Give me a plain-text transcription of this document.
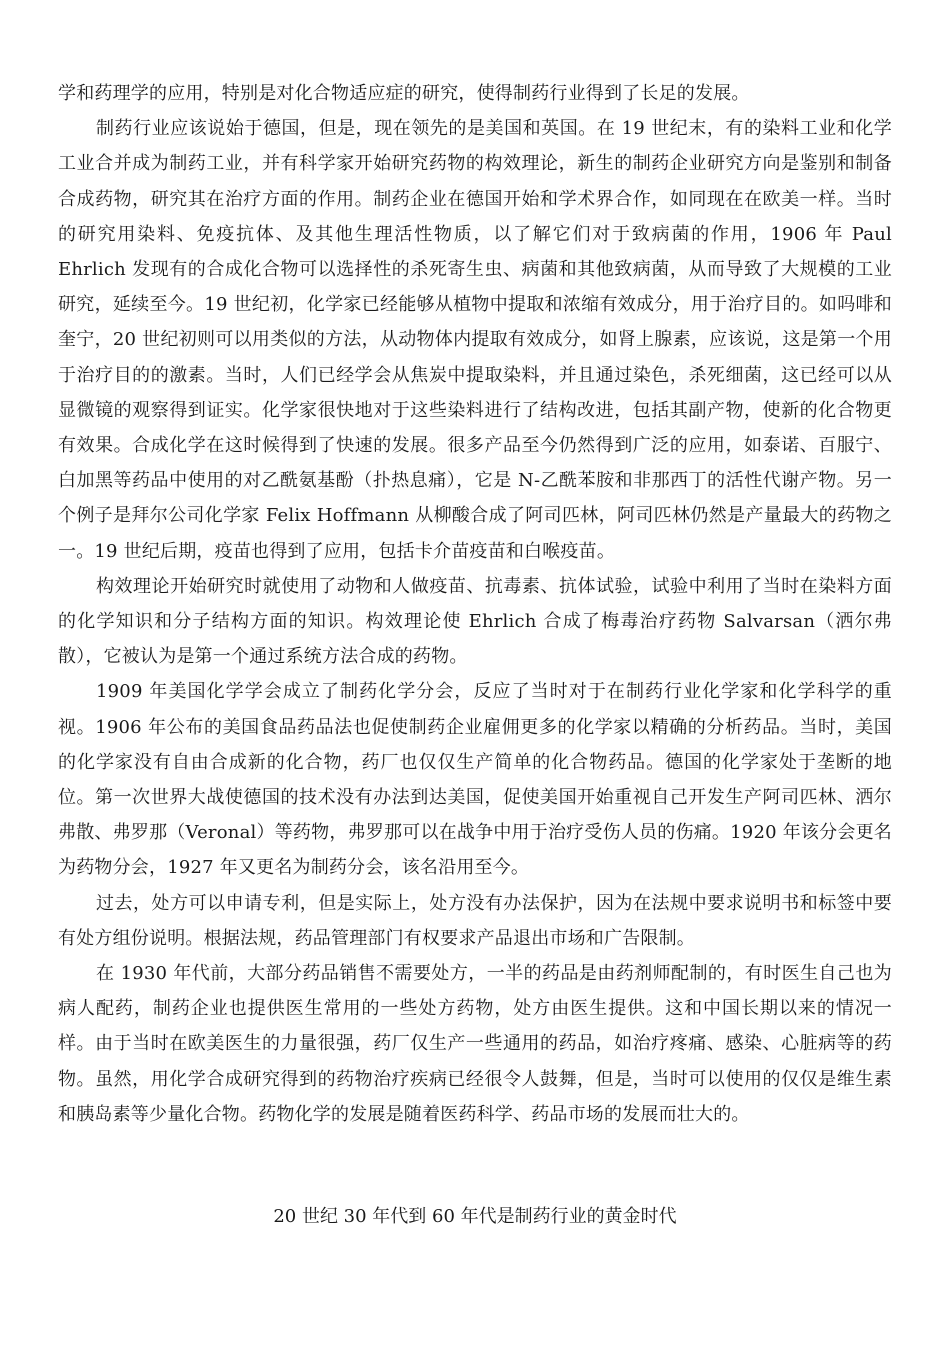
学和药理学的应用，特别是对化合物适应症的研究，使得制药行业得到了长足的发展。

制药行业应该说始于德国，但是，现在领先的是美国和英国。在 19 世纪末，有的染料工业和化学工业合并成为制药工业，并有科学家开始研究药物的构效理论，新生的制药企业研究方向是鉴别和制备合成药物，研究其在治疗方面的作用。制药企业在德国开始和学术界合作，如同现在在欧美一样。当时的研究用染料、免疫抗体、及其他生理活性物质，以了解它们对于致病菌的作用，1906 年 Paul Ehrlich 发现有的合成化合物可以选择性的杀死寄生虫、病菌和其他致病菌，从而导致了大规模的工业研究，延续至今。19 世纪初，化学家已经能够从植物中提取和浓缩有效成分，用于治疗目的。如吗啡和奎宁，20 世纪初则可以用类似的方法，从动物体内提取有效成分，如肾上腺素，应该说，这是第一个用于治疗目的的激素。当时，人们已经学会从焦炭中提取染料，并且通过染色，杀死细菌，这已经可以从显微镜的观察得到证实。化学家很快地对于这些染料进行了结构改进，包括其副产物，使新的化合物更有效果。合成化学在这时候得到了快速的发展。很多产品至今仍然得到广泛的应用，如泰诺、百服宁、白加黑等药品中使用的对乙酰氨基酚（扑热息痛），它是 N-乙酰苯胺和非那西丁的活性代谢产物。另一个例子是拜尔公司化学家 Felix Hoffmann 从柳酸合成了阿司匹林，阿司匹林仍然是产量最大的药物之一。19 世纪后期，疫苗也得到了应用，包括卡介苗疫苗和白喉疫苗。

构效理论开始研究时就使用了动物和人做疫苗、抗毒素、抗体试验，试验中利用了当时在染料方面的化学知识和分子结构方面的知识。构效理论使 Ehrlich 合成了梅毒治疗药物 Salvarsan（洒尔弗散），它被认为是第一个通过系统方法合成的药物。

1909 年美国化学学会成立了制药化学分会，反应了当时对于在制药行业化学家和化学科学的重视。1906 年公布的美国食品药品法也促使制药企业雇佣更多的化学家以精确的分析药品。当时，美国的化学家没有自由合成新的化合物，药厂也仅仅生产简单的化合物药品。德国的化学家处于垄断的地位。第一次世界大战使德国的技术没有办法到达美国，促使美国开始重视自己开发生产阿司匹林、洒尔弗散、弗罗那（Veronal）等药物，弗罗那可以在战争中用于治疗受伤人员的伤痛。1920 年该分会更名为药物分会，1927 年又更名为制药分会，该名沿用至今。

过去，处方可以申请专利，但是实际上，处方没有办法保护，因为在法规中要求说明书和标签中要有处方组份说明。根据法规，药品管理部门有权要求产品退出市场和广告限制。

在 1930 年代前，大部分药品销售不需要处方，一半的药品是由药剂师配制的，有时医生自己也为病人配药，制药企业也提供医生常用的一些处方药物，处方由医生提供。这和中国长期以来的情况一样。由于当时在欧美医生的力量很强，药厂仅生产一些通用的药品，如治疗疼痛、感染、心脏病等的药物。虽然，用化学合成研究得到的药物治疗疾病已经很令人鼓舞，但是，当时可以使用的仅仅是维生素和胰岛素等少量化合物。药物化学的发展是随着医药科学、药品市场的发展而壮大的。

20 世纪 30 年代到 60 年代是制药行业的黄金时代
